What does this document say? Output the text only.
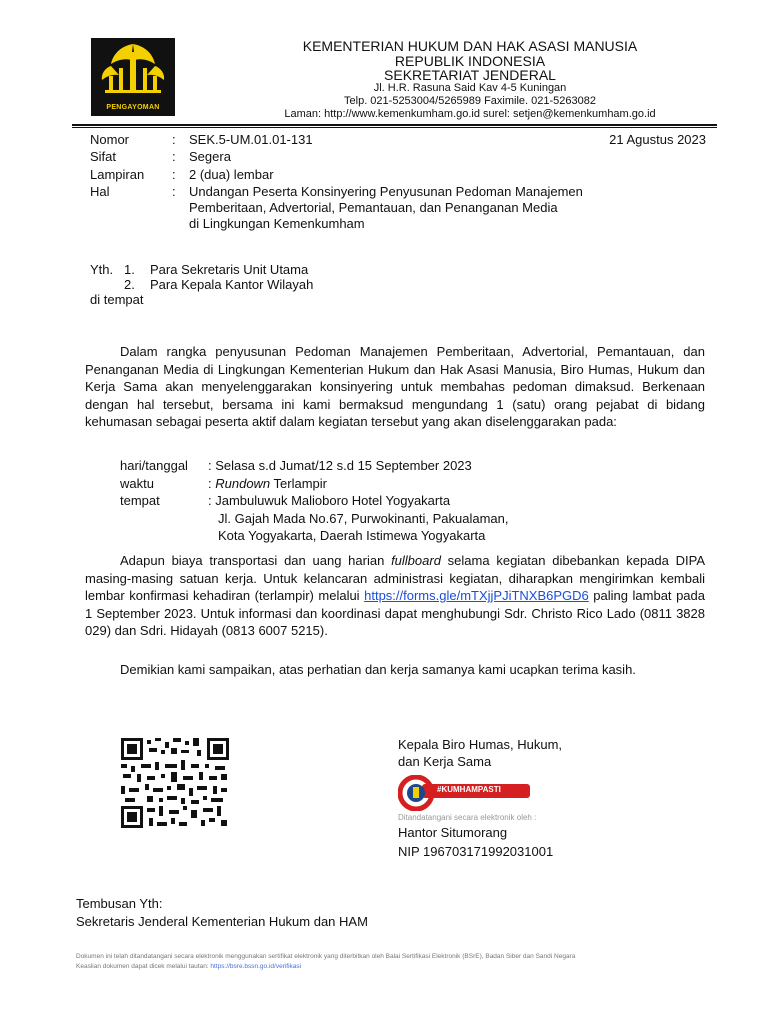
PENGAYOMAN
KEMENTERIAN HUKUM DAN HAK ASASI MANUSIA
REPUBLIK INDONESIA
SEKRETARIAT JENDERAL
Jl. H.R. Rasuna Said Kav 4-5 Kuningan
Telp. 021-5253004/5265989 Faximile. 021-5263082
Laman: http://www.kemenkumham.go.id surel: setjen@kemenkumham.go.id
Nomor	: SEK.5-UM.01.01-131	21 Agustus 2023
Sifat	: Segera
Lampiran : 2 (dua) lembar
Hal	: Undangan Peserta Konsinyering Penyusunan Pedoman Manajemen
Pemberitaan, Advertorial, Pemantauan, dan Penanganan Media
di Lingkungan Kemenkumham
Yth. 1. Para Sekretaris Unit Utama
2. Para Kepala Kantor Wilayah
di tempat
Dalam rangka penyusunan Pedoman Manajemen Pemberitaan, Advertorial, Pemantauan, dan Penanganan Media di Lingkungan Kementerian Hukum dan Hak Asasi Manusia, Biro Humas, Hukum dan Kerja Sama akan menyelenggarakan konsinyering untuk membahas pedoman dimaksud. Berkenaan dengan hal tersebut, bersama ini kami bermaksud mengundang 1 (satu) orang pejabat di bidang kehumasan sebagai peserta aktif dalam kegiatan tersebut yang akan diselenggarakan pada:
hari/tanggal : Selasa s.d Jumat/12 s.d 15 September 2023
waktu	: Rundown Terlampir
tempat	: Jambuluwuk Malioboro Hotel Yogyakarta
Jl. Gajah Mada No.67, Purwokinanti, Pakualaman,
Kota Yogyakarta, Daerah Istimewa Yogyakarta
Adapun biaya transportasi dan uang harian fullboard selama kegiatan dibebankan kepada DIPA masing-masing satuan kerja. Untuk kelancaran administrasi kegiatan, diharapkan mengirimkan kembali lembar konfirmasi kehadiran (terlampir) melalui https://forms.gle/mTXjjPJiTNXB6PGD6 paling lambat pada 1 September 2023. Untuk informasi dan koordinasi dapat menghubungi Sdr. Christo Rico Lado (0811 3828 029) dan Sdri. Hidayah (0813 6007 5215).
Demikian kami sampaikan, atas perhatian dan kerja samanya kami ucapkan terima kasih.
Kepala Biro Humas, Hukum,
dan Kerja Sama
#KUMHAMPASTI
Ditandatangani secara elektronik oleh :
Hantor Situmorang
NIP 196703171992031001
Tembusan Yth:
Sekretaris Jenderal Kementerian Hukum dan HAM
Dokumen ini telah ditandatangani secara elektronik menggunakan sertifikat elektronik yang diterbitkan oleh Balai Sertifikasi Elektronik (BSrE), Badan Siber dan Sandi Negara
Keaslian dokumen dapat dicek melalui tautan: https://bsre.bssn.go.id/verifikasi
